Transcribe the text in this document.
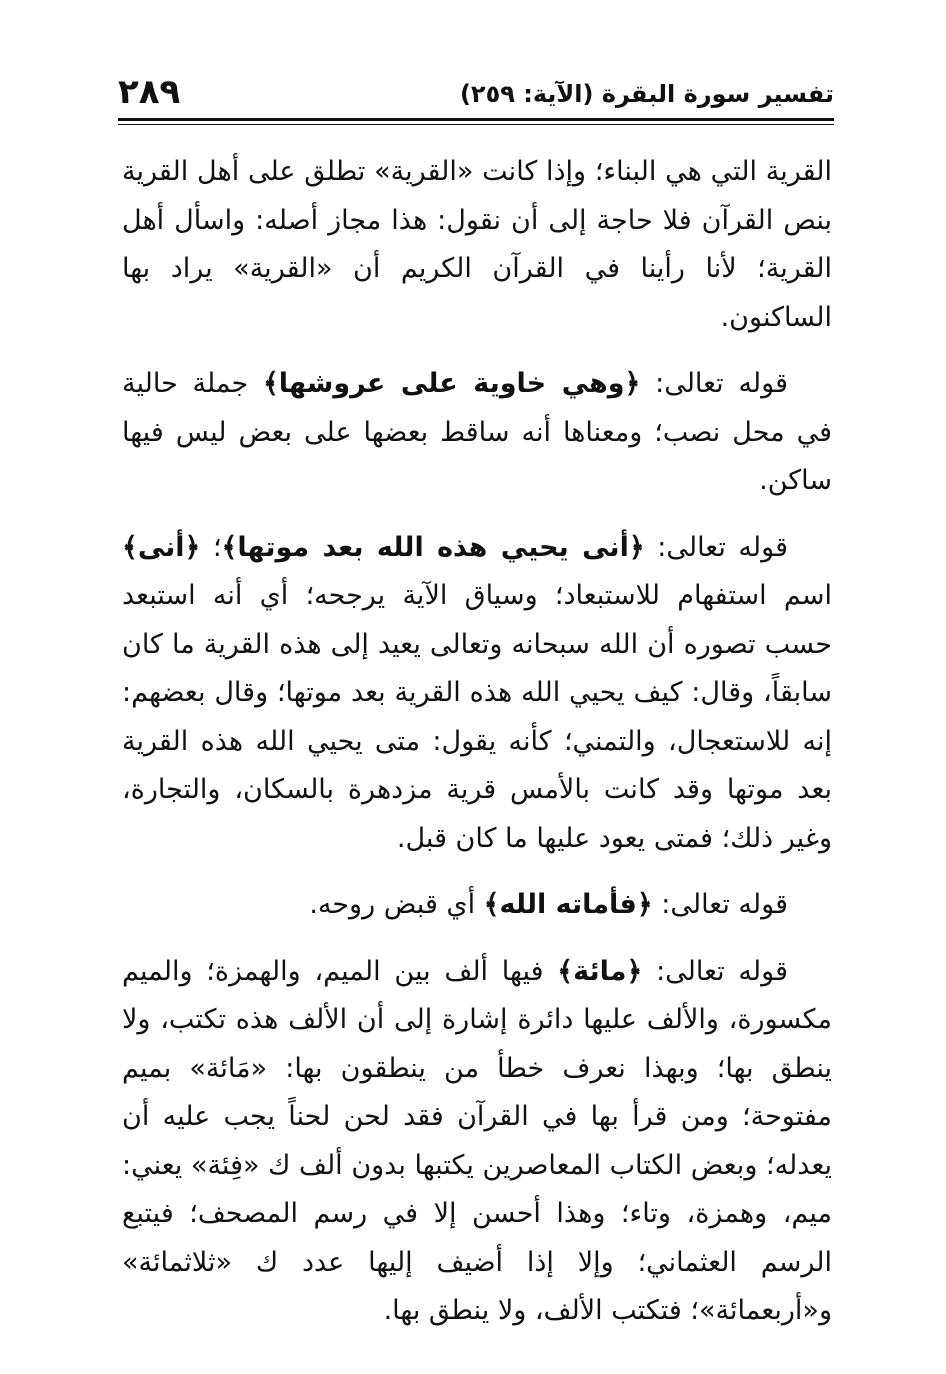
تفسير سورة البقرة (الآية: ٢٥٩)
٢٨٩

القرية التي هي البناء؛ وإذا كانت «القرية» تطلق على أهل القرية بنص القرآن فلا حاجة إلى أن نقول: هذا مجاز أصله: واسأل أهل القرية؛ لأنا رأينا في القرآن الكريم أن «القرية» يراد بها الساكنون.

قوله تعالى: ﴿وهي خاوية على عروشها﴾ جملة حالية في محل نصب؛ ومعناها أنه ساقط بعضها على بعض ليس فيها ساكن.

قوله تعالى: ﴿أنى يحيي هذه الله بعد موتها﴾؛ ﴿أنى﴾ اسم استفهام للاستبعاد؛ وسياق الآية يرجحه؛ أي أنه استبعد حسب تصوره أن الله سبحانه وتعالى يعيد إلى هذه القرية ما كان سابقاً، وقال: كيف يحيي الله هذه القرية بعد موتها؛ وقال بعضهم: إنه للاستعجال، والتمني؛ كأنه يقول: متى يحيي الله هذه القرية بعد موتها وقد كانت بالأمس قرية مزدهرة بالسكان، والتجارة، وغير ذلك؛ فمتى يعود عليها ما كان قبل.

قوله تعالى: ﴿فأماته الله﴾ أي قبض روحه.

قوله تعالى: ﴿مائة﴾ فيها ألف بين الميم، والهمزة؛ والميم مكسورة، والألف عليها دائرة إشارة إلى أن الألف هذه تكتب، ولا ينطق بها؛ وبهذا نعرف خطأ من ينطقون بها: «مَائة» بميم مفتوحة؛ ومن قرأ بها في القرآن فقد لحن لحناً يجب عليه أن يعدله؛ وبعض الكتاب المعاصرين يكتبها بدون ألف ك «فِئة» يعني: ميم، وهمزة، وتاء؛ وهذا أحسن إلا في رسم المصحف؛ فيتبع الرسم العثماني؛ وإلا إذا أضيف إليها عدد ك «ثلاثمائة» و«أربعمائة»؛ فتكتب الألف، ولا ينطق بها.
